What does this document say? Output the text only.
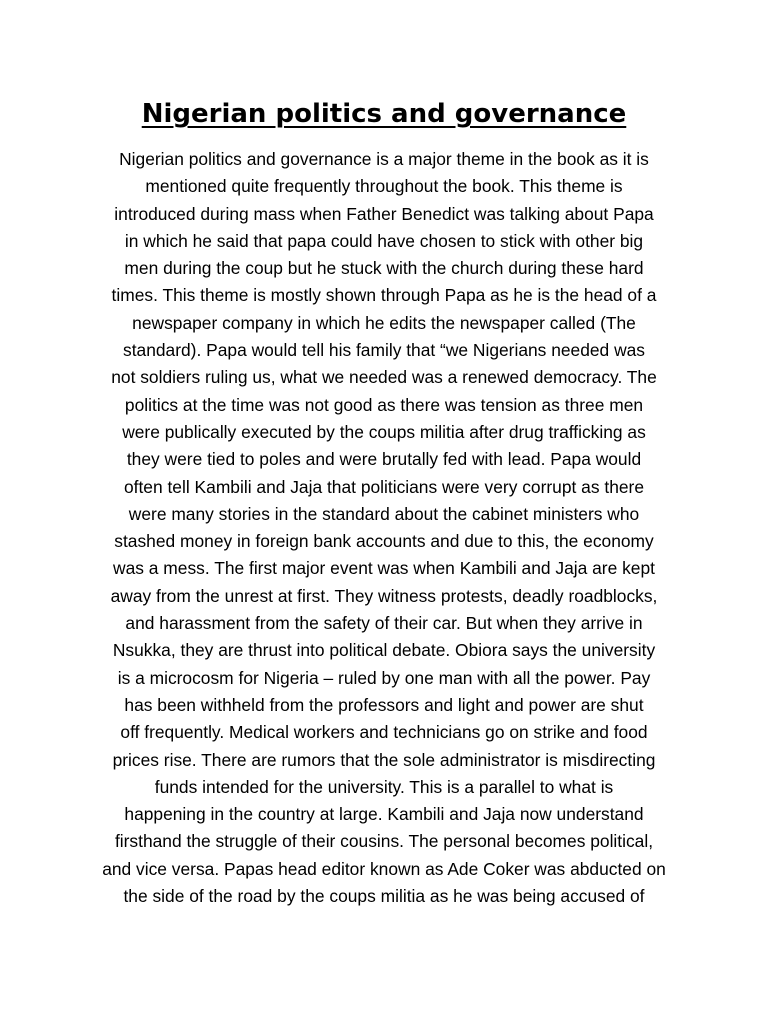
Nigerian politics and governance
Nigerian politics and governance is a major theme in the book as it is
mentioned quite frequently throughout the book. This theme is
introduced during mass when Father Benedict was talking about Papa
in which he said that papa could have chosen to stick with other big
men during the coup but he stuck with the church during these hard
times. This theme is mostly shown through Papa as he is the head of a
newspaper company in which he edits the newspaper called (The
standard). Papa would tell his family that “we Nigerians needed was
not soldiers ruling us, what we needed was a renewed democracy. The
politics at the time was not good as there was tension as three men
were publically executed by the coups militia after drug trafficking as
they were tied to poles and were brutally fed with lead. Papa would
often tell Kambili and Jaja that politicians were very corrupt as there
were many stories in the standard about the cabinet ministers who
stashed money in foreign bank accounts and due to this, the economy
was a mess. The first major event was when Kambili and Jaja are kept
away from the unrest at first. They witness protests, deadly roadblocks,
and harassment from the safety of their car. But when they arrive in
Nsukka, they are thrust into political debate. Obiora says the university
is a microcosm for Nigeria – ruled by one man with all the power. Pay
has been withheld from the professors and light and power are shut
off frequently. Medical workers and technicians go on strike and food
prices rise. There are rumors that the sole administrator is misdirecting
funds intended for the university. This is a parallel to what is
happening in the country at large. Kambili and Jaja now understand
firsthand the struggle of their cousins. The personal becomes political,
and vice versa. Papas head editor known as Ade Coker was abducted on
the side of the road by the coups militia as he was being accused of
